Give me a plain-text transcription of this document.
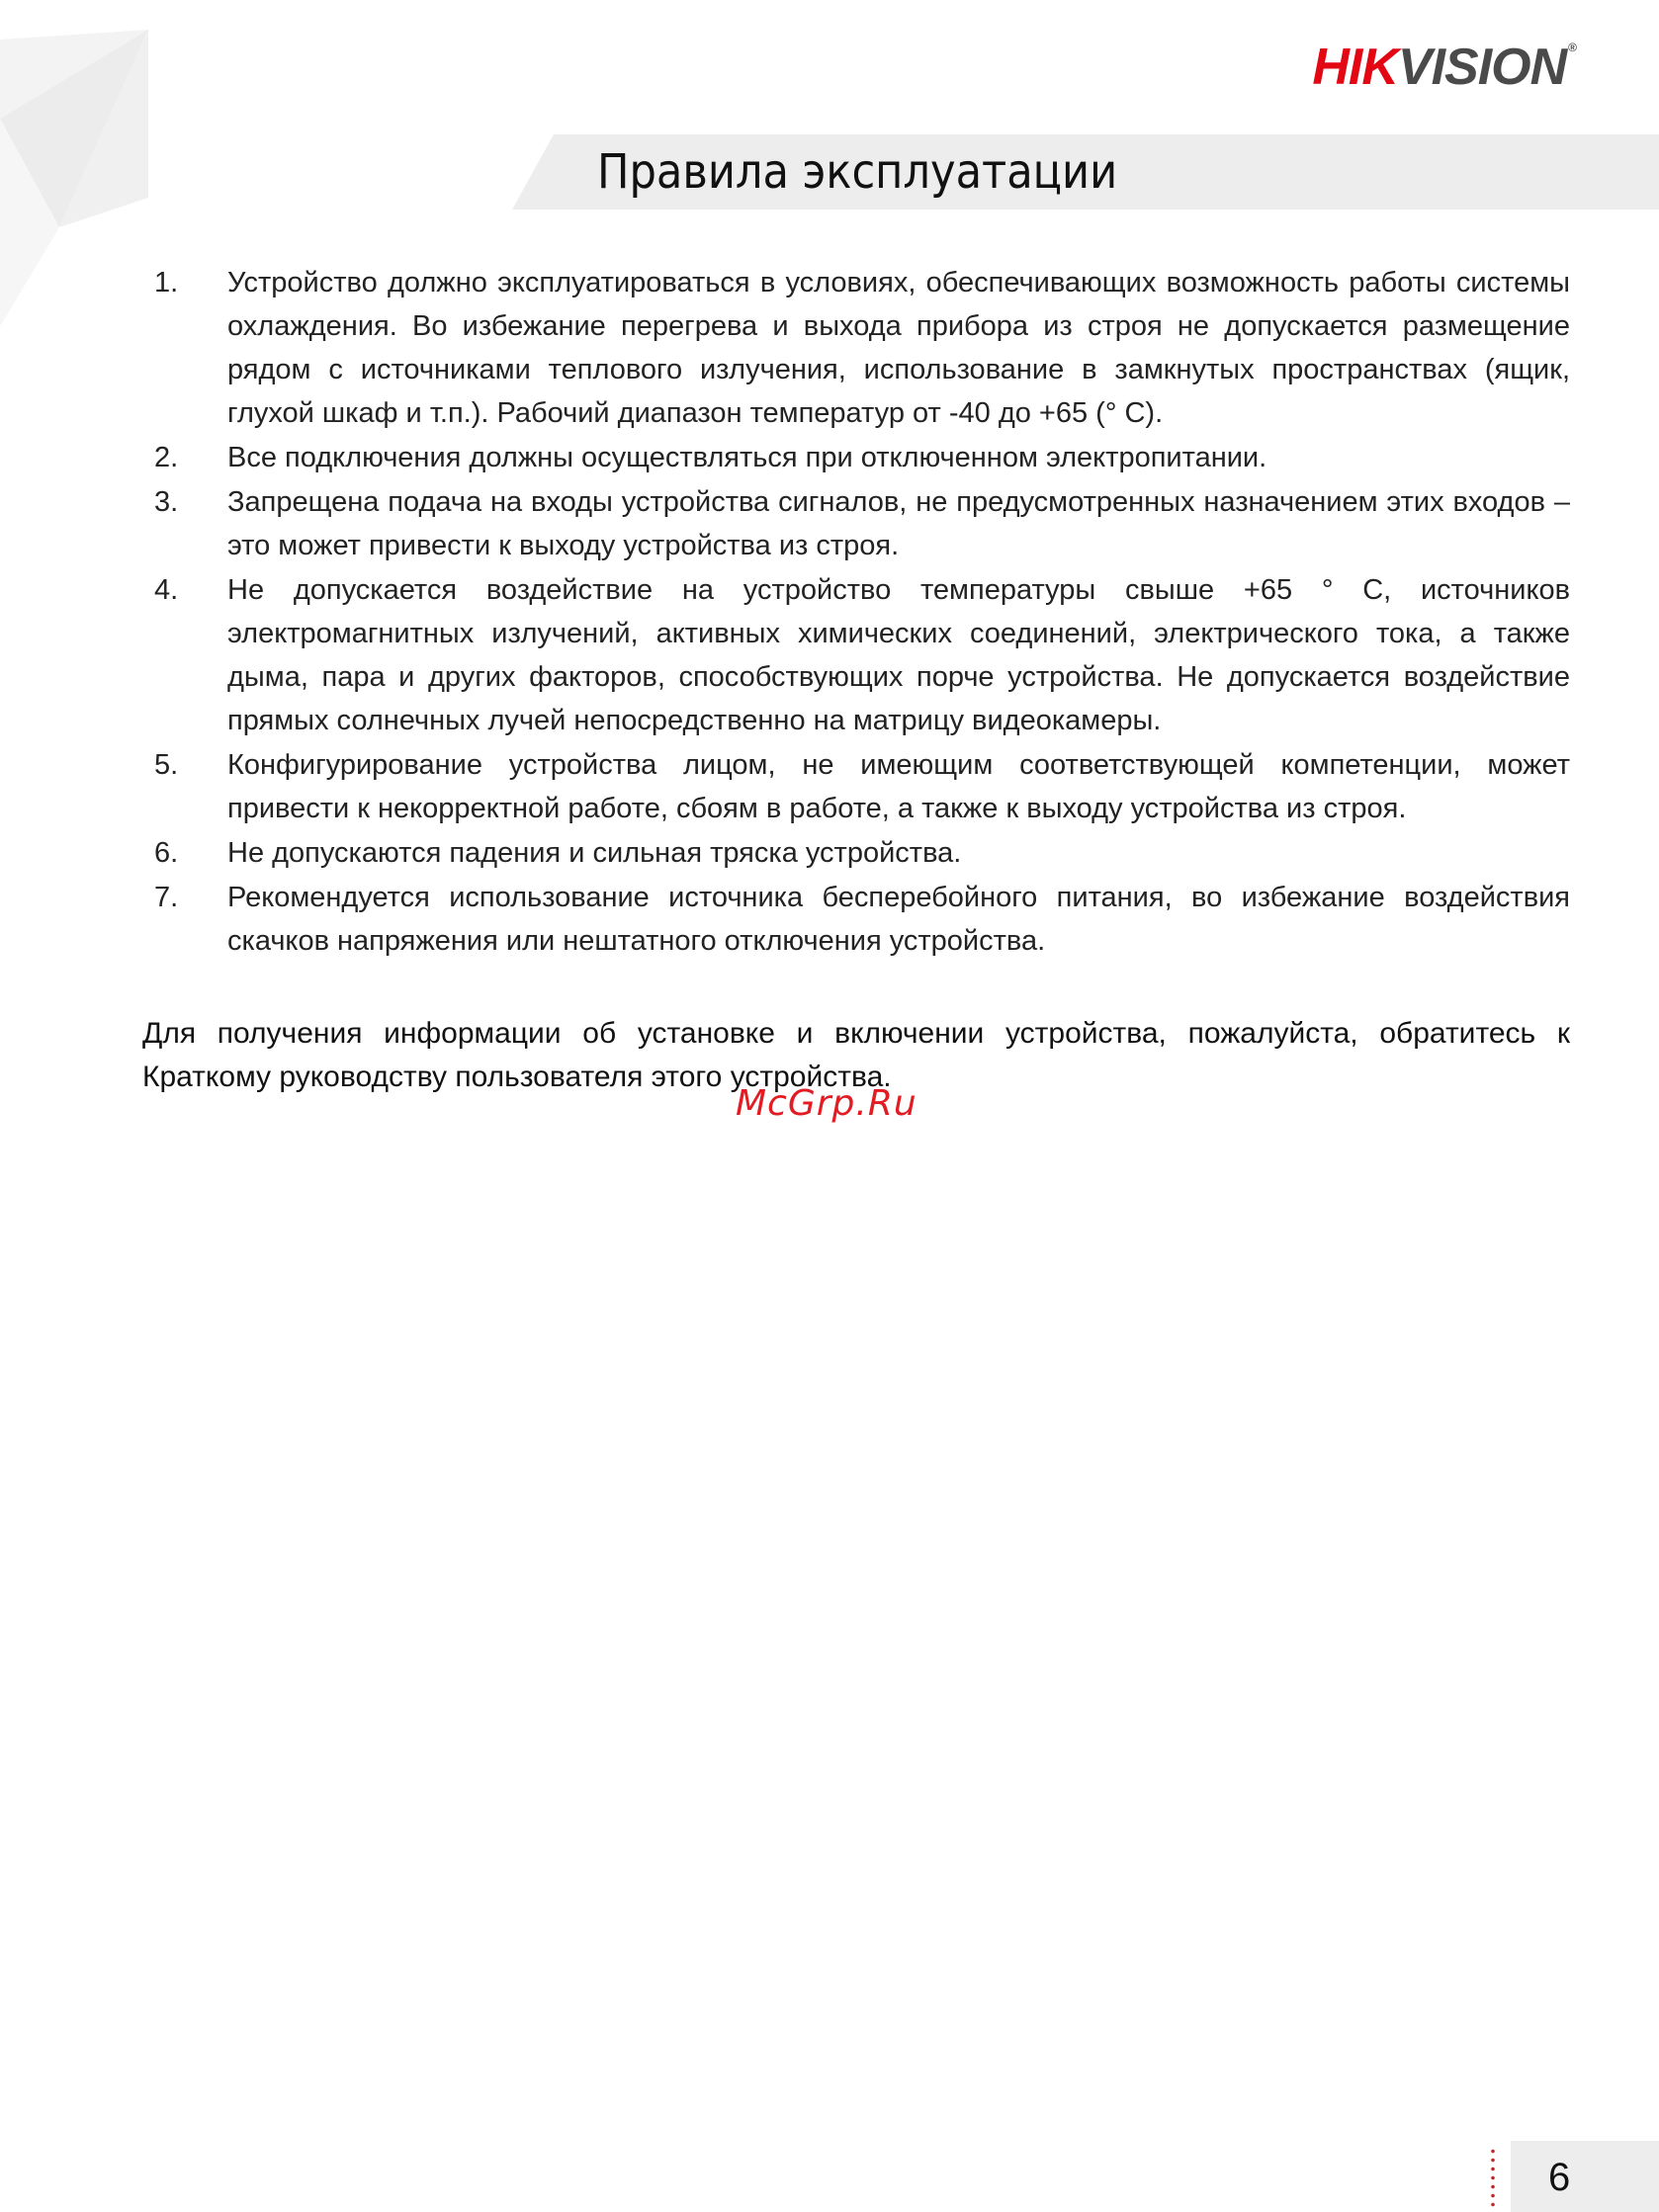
HIKVISION ®
Правила эксплуатации
1.	Устройство должно эксплуатироваться в условиях, обеспечивающих возможность работы системы охлаждения. Во избежание перегрева и выхода прибора из строя не допускается размещение рядом с источниками теплового излучения, использование в замкнутых пространствах (ящик, глухой шкаф и т.п.). Рабочий диапазон температур от -40 до +65 (° С).
2.	Все подключения должны осуществляться при отключенном электропитании.
3.	Запрещена подача на входы устройства сигналов, не предусмотренных назначением этих входов – это может привести к выходу устройства из строя.
4.	Не допускается воздействие на устройство температуры свыше +65 ° С, источников электромагнитных излучений, активных химических соединений, электрического тока, а также дыма, пара и других факторов, способствующих порче устройства. Не допускается воздействие прямых солнечных лучей непосредственно на матрицу видеокамеры.
5.	Конфигурирование устройства лицом, не имеющим соответствующей компетенции, может привести к некорректной работе, сбоям в работе, а также к выходу устройства из строя.
6.	Не допускаются падения и сильная тряска устройства.
7.	Рекомендуется использование источника бесперебойного питания, во избежание воздействия скачков напряжения или нештатного отключения устройства.

Для получения информации об установке и включении устройства, пожалуйста, обратитесь к Краткому руководству пользователя этого устройства.

McGrp.Ru
6
